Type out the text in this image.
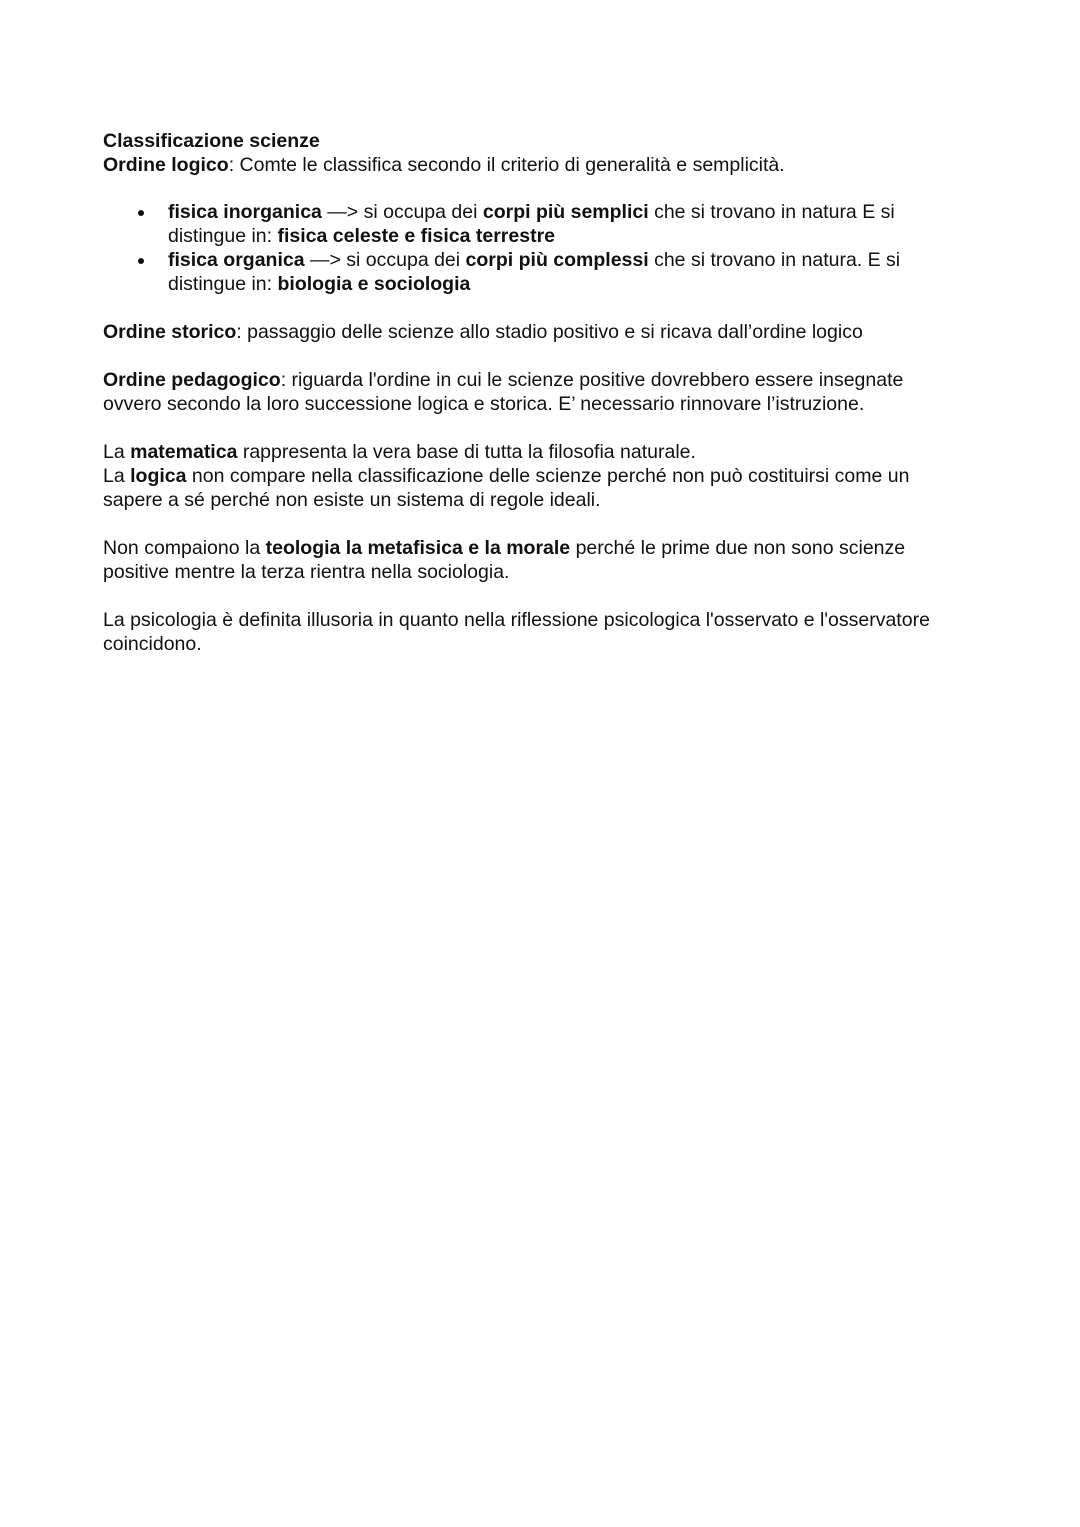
Classificazione scienze

Ordine logico: Comte le classifica secondo il criterio di generalità e semplicità.

fisica inorganica —> si occupa dei corpi più semplici che si trovano in natura E si distingue in: fisica celeste e fisica terrestre
fisica organica —> si occupa dei corpi più complessi che si trovano in natura. E si distingue in: biologia e sociologia

Ordine storico: passaggio delle scienze allo stadio positivo e si ricava dall’ordine logico

Ordine pedagogico: riguarda l'ordine in cui le scienze positive dovrebbero essere insegnate ovvero secondo la loro successione logica e storica. E’ necessario rinnovare l’istruzione.

La matematica rappresenta la vera base di tutta la filosofia naturale.

La logica non compare nella classificazione delle scienze perché non può costituirsi come un sapere a sé perché non esiste un sistema di regole ideali.

Non compaiono la teologia la metafisica e la morale perché le prime due non sono scienze positive mentre la terza rientra nella sociologia.

La psicologia è definita illusoria in quanto nella riflessione psicologica l'osservato e l'osservatore coincidono.
